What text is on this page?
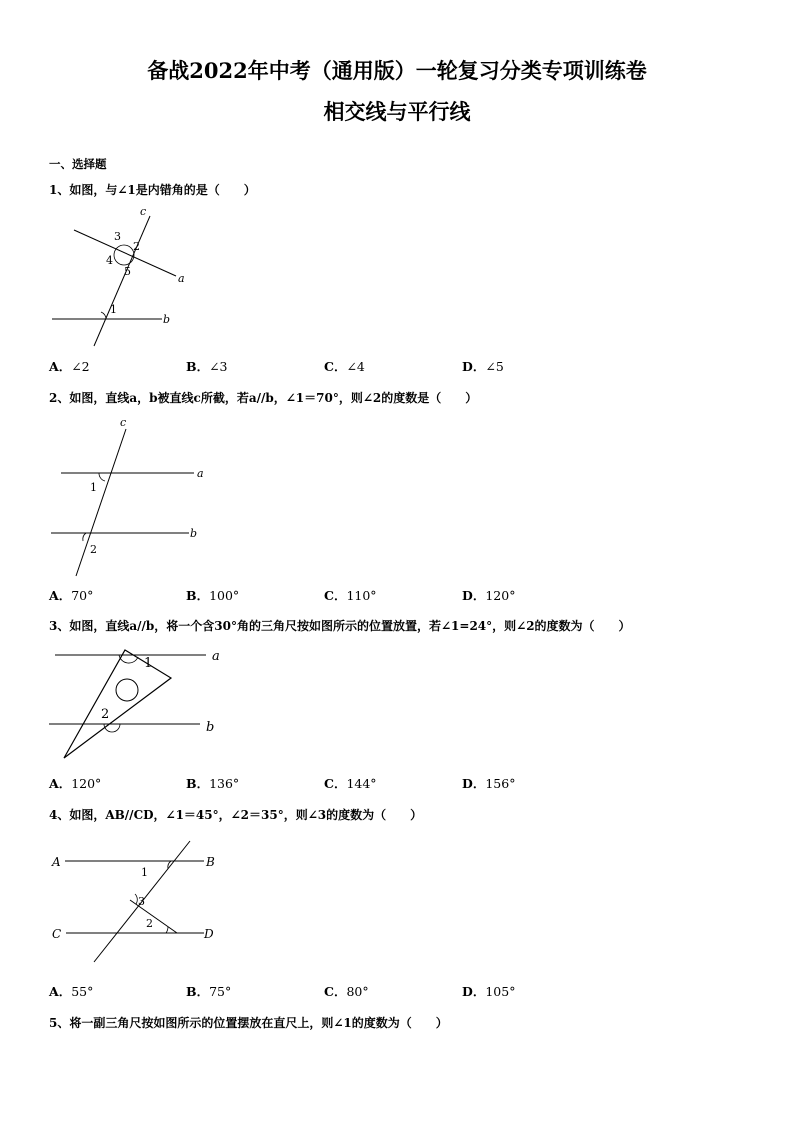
备战2022年中考（通用版）一轮复习分类专项训练卷
相交线与平行线
一、选择题
1、如图，与∠1是内错角的是（　　）
c
a
b
3
2
4
5
1
A．∠2	B．∠3	C．∠4	D．∠5
2、如图，直线a，b被直线c所截，若a//b，∠1＝70°，则∠2的度数是（　　）
c
a
b
1
2
A．70°	B．100°	C．110°	D．120°
3、如图，直线a//b，将一个含30°角的三角尺按如图所示的位置放置，若∠1=24°，则∠2的度数为（　　）
a
b
1
2
A．120°	B．136°	C．144°	D．156°
4、如图，AB//CD，∠1＝45°，∠2＝35°，则∠3的度数为（　　）
A	B
C	D
1
3
2
A．55°	B．75°	C．80°	D．105°
5、将一副三角尺按如图所示的位置摆放在直尺上，则∠1的度数为（　　）
